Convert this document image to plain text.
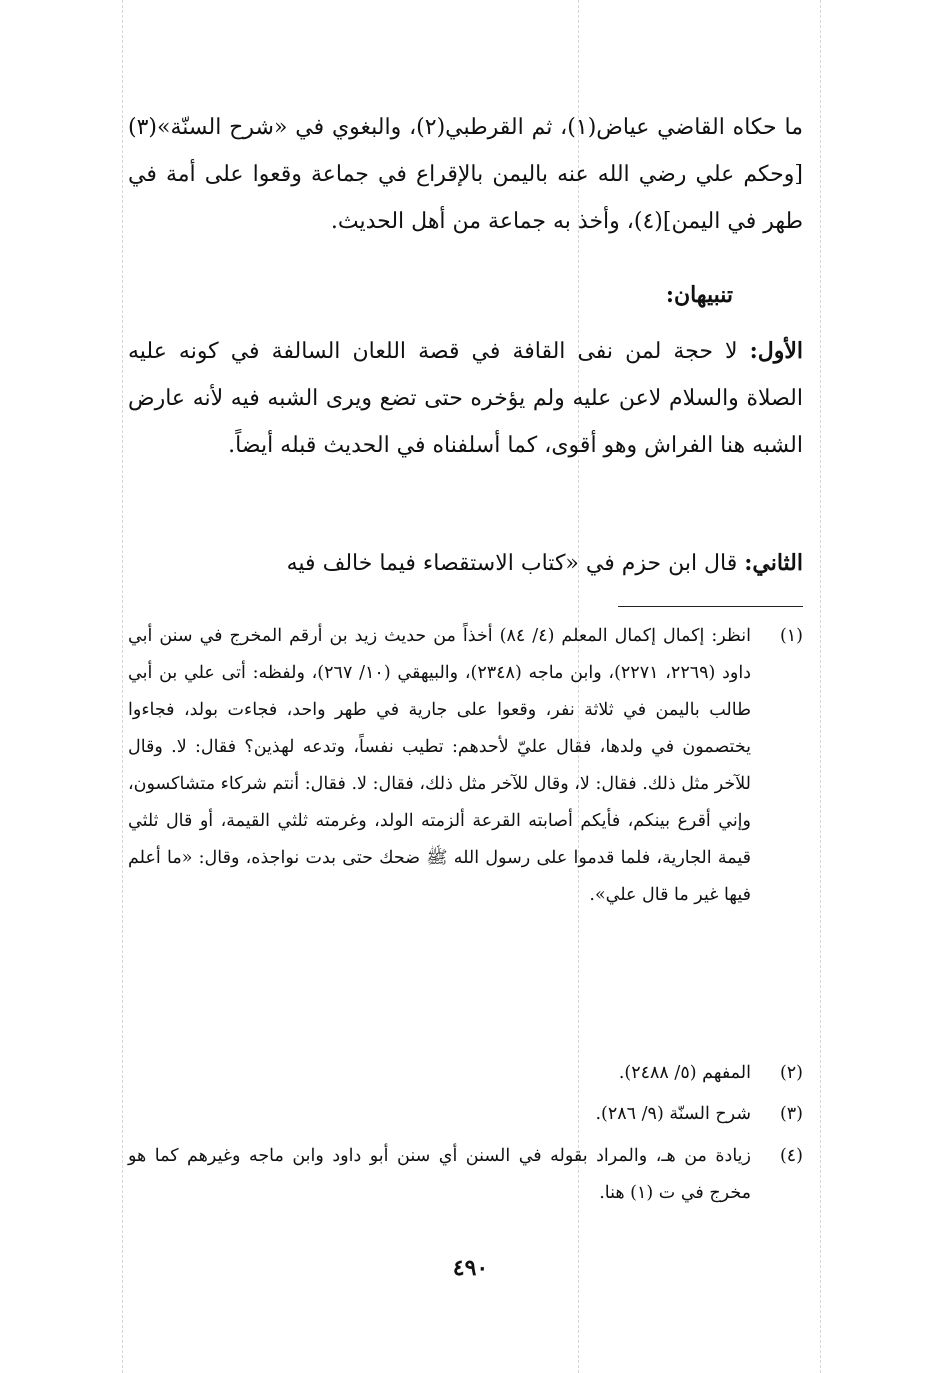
ما حكاه القاضي عياض(١)، ثم القرطبي(٢)، والبغوي في «شرح السنّة»(٣) [وحكم علي رضي الله عنه باليمن بالإقراع في جماعة وقعوا على أمة في طهر في اليمن](٤)، وأخذ به جماعة من أهل الحديث.

تنبيهان:

الأول: لا حجة لمن نفى القافة في قصة اللعان السالفة في كونه عليه الصلاة والسلام لاعن عليه ولم يؤخره حتى تضع ويرى الشبه فيه لأنه عارض الشبه هنا الفراش وهو أقوى، كما أسلفناه في الحديث قبله أيضاً.

الثاني: قال ابن حزم في «كتاب الاستقصاء فيما خالف فيه

(١)
انظر: إكمال إكمال المعلم (٤/ ٨٤) أخذاً من حديث زيد بن أرقم المخرج في سنن أبي داود (٢٢٦٩، ٢٢٧١)، وابن ماجه (٢٣٤٨)، والبيهقي (١٠/ ٢٦٧)، ولفظه: أتى علي بن أبي طالب باليمن في ثلاثة نفر، وقعوا على جارية في طهر واحد، فجاءت بولد، فجاءوا يختصمون في ولدها، فقال عليّ لأحدهم: تطيب نفساً، وتدعه لهذين؟ فقال: لا. وقال للآخر مثل ذلك. فقال: لا، وقال للآخر مثل ذلك، فقال: لا. فقال: أنتم شركاء متشاكسون، وإني أقرع بينكم، فأيكم أصابته القرعة ألزمته الولد، وغرمته ثلثي القيمة، أو قال ثلثي قيمة الجارية، فلما قدموا على رسول الله ﷺ ضحك حتى بدت نواجذه، وقال: «ما أعلم فيها غير ما قال علي».
(٢)
المفهم (٥/ ٢٤٨٨).
(٣)
شرح السنّة (٩/ ٢٨٦).
(٤)
زيادة من هـ، والمراد بقوله في السنن أي سنن أبو داود وابن ماجه وغيرهم كما هو مخرج في ت (١) هنا.
٤٩٠
